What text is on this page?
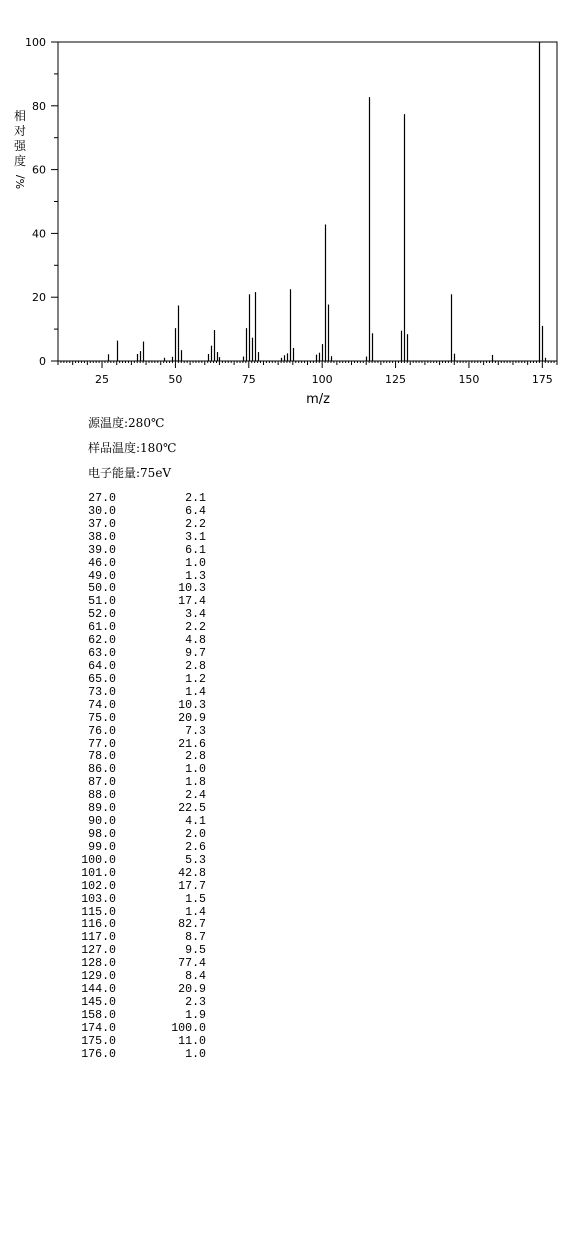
0
20
40
60
80
100
25	50	75	100	125	150	175
m/z
相对强度
%/
源温度:280℃
样品温度:180℃
电子能量:75eV
27.0	2.1
30.0	6.4
37.0	2.2
38.0	3.1
39.0	6.1
46.0	1.0
49.0	1.3
50.0	10.3
51.0	17.4
52.0	3.4
61.0	2.2
62.0	4.8
63.0	9.7
64.0	2.8
65.0	1.2
73.0	1.4
74.0	10.3
75.0	20.9
76.0	7.3
77.0	21.6
78.0	2.8
86.0	1.0
87.0	1.8
88.0	2.4
89.0	22.5
90.0	4.1
98.0	2.0
99.0	2.6
100.0	5.3
101.0	42.8
102.0	17.7
103.0	1.5
115.0	1.4
116.0	82.7
117.0	8.7
127.0	9.5
128.0	77.4
129.0	8.4
144.0	20.9
145.0	2.3
158.0	1.9
174.0	100.0
175.0	11.0
176.0	1.0
